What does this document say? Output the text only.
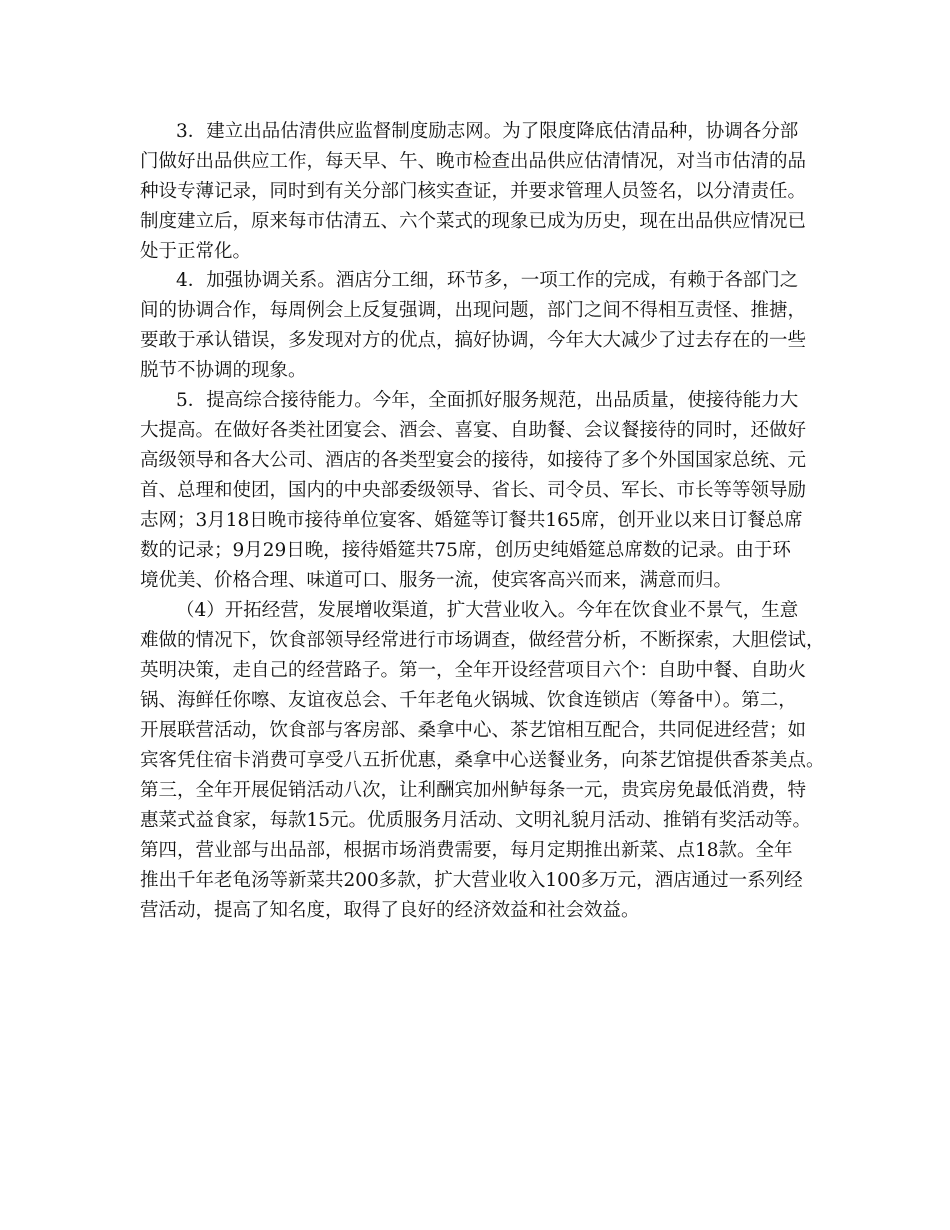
3．建立出品估清供应监督制度励志网。为了限度降底估清品种，协调各分部
门做好出品供应工作，每天早、午、晚市检查出品供应估清情况，对当市估清的品
种设专薄记录，同时到有关分部门核实查证，并要求管理人员签名，以分清责任。
制度建立后，原来每市估清五、六个菜式的现象已成为历史，现在出品供应情况已
处于正常化。
4．加强协调关系。酒店分工细，环节多，一项工作的完成，有赖于各部门之
间的协调合作，每周例会上反复强调，出现问题，部门之间不得相互责怪、推搪，
要敢于承认错误，多发现对方的优点，搞好协调，今年大大减少了过去存在的一些
脱节不协调的现象。
5．提高综合接待能力。今年，全面抓好服务规范，出品质量，使接待能力大
大提高。在做好各类社团宴会、酒会、喜宴、自助餐、会议餐接待的同时，还做好
高级领导和各大公司、酒店的各类型宴会的接待，如接待了多个外国国家总统、元
首、总理和使团，国内的中央部委级领导、省长、司令员、军长、市长等等领导励
志网；3月18日晚市接待单位宴客、婚筵等订餐共165席，创开业以来日订餐总席
数的记录；9月29日晚，接待婚筵共75席，创历史纯婚筵总席数的记录。由于环
境优美、价格合理、味道可口、服务一流，使宾客高兴而来，满意而归。
（4）开拓经营，发展增收渠道，扩大营业收入。今年在饮食业不景气，生意
难做的情况下，饮食部领导经常进行市场调查，做经营分析，不断探索，大胆偿试，
英明决策，走自己的经营路子。第一，全年开设经营项目六个：自助中餐、自助火
锅、海鲜任你嚓、友谊夜总会、千年老龟火锅城、饮食连锁店（筹备中）。第二，
开展联营活动，饮食部与客房部、桑拿中心、茶艺馆相互配合，共同促进经营；如
宾客凭住宿卡消费可享受八五折优惠，桑拿中心送餐业务，向茶艺馆提供香茶美点。
第三，全年开展促销活动八次，让利酬宾加州鲈每条一元，贵宾房免最低消费，特
惠菜式益食家，每款15元。优质服务月活动、文明礼貌月活动、推销有奖活动等。
第四，营业部与出品部，根据市场消费需要，每月定期推出新菜、点18款。全年
推出千年老龟汤等新菜共200多款，扩大营业收入100多万元，酒店通过一系列经
营活动，提高了知名度，取得了良好的经济效益和社会效益。
